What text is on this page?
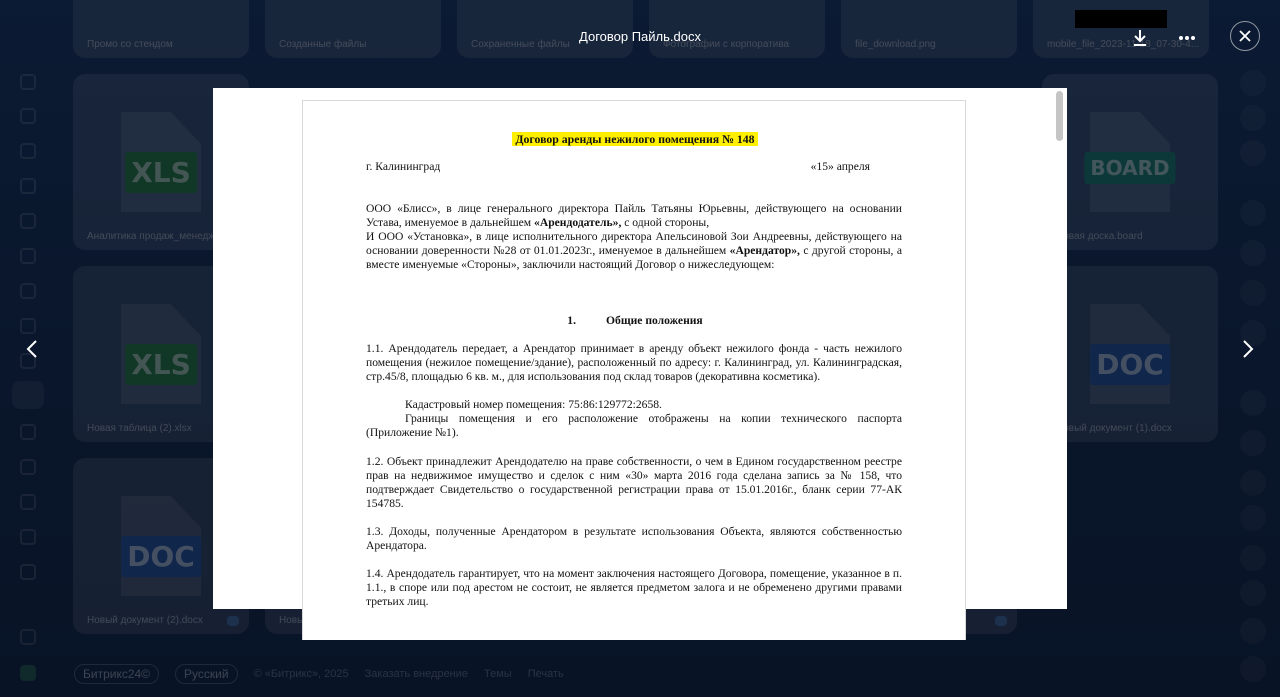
Договор Пайль.docx
Договор аренды нежилого помещения № 148
г. Калининград	«15» апреля
ООО «Блисс», в лице генерального директора Пайль Татьяны Юрьевны, действующего на основании Устава, именуемое в дальнейшем «Арендодатель», с одной стороны,
И ООО «Установка», в лице исполнительного директора Апельсиновой Зои Андреевны, действующего на основании доверенности №28 от 01.01.2023г., именуемое в дальнейшем «Арендатор», с другой стороны, а вместе именуемые «Стороны», заключили настоящий Договор о нижеследующем:
1.	Общие положения
1.1. Арендодатель передает, а Арендатор принимает в аренду объект нежилого фонда - часть нежилого помещения (нежилое помещение/здание), расположенный по адресу: г. Калининград, ул. Калининградская, стр.45/8, площадью 6 кв. м., для использования под склад товаров (декоративна косметика).
Кадастровый номер помещения: 75:86:129772:2658.
Границы помещения и его расположение отображены на копии технического паспорта (Приложение №1).
1.2. Объект принадлежит Арендодателю на праве собственности, о чем в Едином государственном реестре прав на недвижимое имущество и сделок с ним «30» марта 2016 года сделана запись за № 158, что подтверждает Свидетельство о государственной регистрации права от 15.01.2016г., бланк серии 77-АК 154785.
1.3. Доходы, полученные Арендатором в результате использования Объекта, являются собственностью Арендатора.
1.4. Арендодатель гарантирует, что на момент заключения настоящего Договора, помещение, указанное в п. 1.1., в споре или под арестом не состоит, не является предметом залога и не обременено другими правами третьих лиц.
